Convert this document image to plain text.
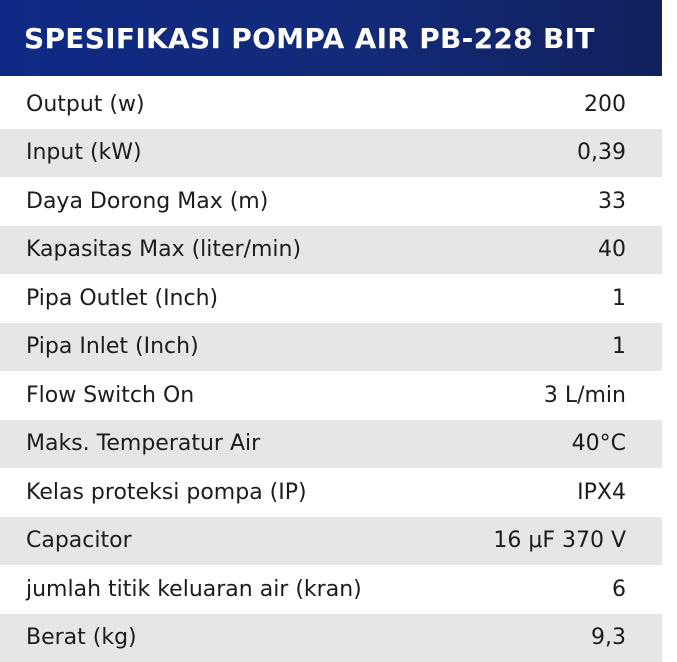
SPESIFIKASI POMPA AIR PB-228 BIT
Output (w)	200
Input (kW)	0,39
Daya Dorong Max (m)	33
Kapasitas Max (liter/min)	40
Pipa Outlet (Inch)	1
Pipa Inlet (Inch)	1
Flow Switch On	3 L/min
Maks. Temperatur Air	40°C
Kelas proteksi pompa (IP)	IPX4
Capacitor	16 μF 370 V
jumlah titik keluaran air (kran)	6
Berat (kg)	9,3
